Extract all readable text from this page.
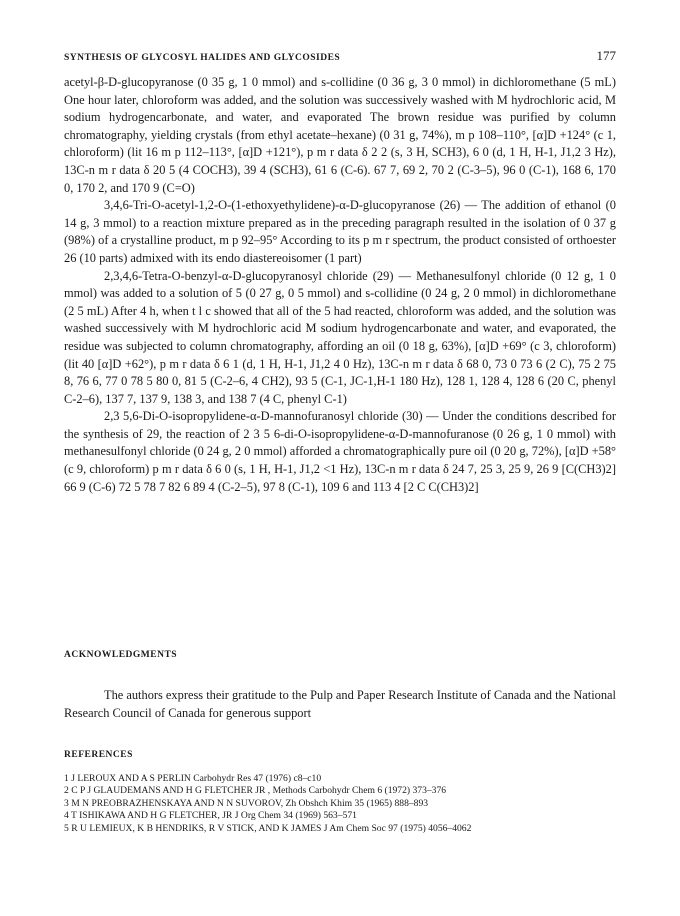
SYNTHESIS OF GLYCOSYL HALIDES AND GLYCOSIDES	177

acetyl-β-D-glucopyranose (0 35 g, 1 0 mmol) and s-collidine (0 36 g, 3 0 mmol) in dichloromethane (5 mL) One hour later, chloroform was added, and the solution was successively washed with M hydrochloric acid, M sodium hydrogencarbonate, and water, and evaporated The brown residue was purified by column chromatography, yielding crystals (from ethyl acetate–hexane) (0 31 g, 74%), m p 108–110°, [α]D +124° (c 1, chloroform) (lit 16 m p 112–113°, [α]D +121°), p m r data δ 2 2 (s, 3 H, SCH3), 6 0 (d, 1 H, H-1, J1,2 3 Hz), 13C-n m r data δ 20 5 (4 COCH3), 39 4 (SCH3), 61 6 (C-6). 67 7, 69 2, 70 2 (C-3–5), 96 0 (C-1), 168 6, 170 0, 170 2, and 170 9 (C=O)

3,4,6-Tri-O-acetyl-1,2-O-(1-ethoxyethylidene)-α-D-glucopyranose (26) — The addition of ethanol (0 14 g, 3 mmol) to a reaction mixture prepared as in the preceding paragraph resulted in the isolation of 0 37 g (98%) of a crystalline product, m p 92–95° According to its p m r spectrum, the product consisted of orthoester 26 (10 parts) admixed with its endo diastereoisomer (1 part)

2,3,4,6-Tetra-O-benzyl-α-D-glucopyranosyl chloride (29) — Methanesulfonyl chloride (0 12 g, 1 0 mmol) was added to a solution of 5 (0 27 g, 0 5 mmol) and s-collidine (0 24 g, 2 0 mmol) in dichloromethane (2 5 mL) After 4 h, when t l c showed that all of the 5 had reacted, chloroform was added, and the solution was washed successively with M hydrochloric acid M sodium hydrogencarbonate and water, and evaporated, the residue was subjected to column chromatography, affording an oil (0 18 g, 63%), [α]D +69° (c 3, chloroform) (lit 40 [α]D +62°), p m r data δ 6 1 (d, 1 H, H-1, J1,2 4 0 Hz), 13C-n m r data δ 68 0, 73 0 73 6 (2 C), 75 2 75 8, 76 6, 77 0 78 5 80 0, 81 5 (C-2–6, 4 CH2), 93 5 (C-1, JC-1,H-1 180 Hz), 128 1, 128 4, 128 6 (20 C, phenyl C-2–6), 137 7, 137 9, 138 3, and 138 7 (4 C, phenyl C-1)

2,3 5,6-Di-O-isopropylidene-α-D-mannofuranosyl chloride (30) — Under the conditions described for the synthesis of 29, the reaction of 2 3 5 6-di-O-isopropylidene-α-D-mannofuranose (0 26 g, 1 0 mmol) with methanesulfonyl chloride (0 24 g, 2 0 mmol) afforded a chromatographically pure oil (0 20 g, 72%), [α]D +58° (c 9, chloroform) p m r data δ 6 0 (s, 1 H, H-1, J1,2 <1 Hz), 13C-n m r data δ 24 7, 25 3, 25 9, 26 9 [C(CH3)2] 66 9 (C-6) 72 5 78 7 82 6 89 4 (C-2–5), 97 8 (C-1), 109 6 and 113 4 [2 C C(CH3)2]

ACKNOWLEDGMENTS

The authors express their gratitude to the Pulp and Paper Research Institute of Canada and the National Research Council of Canada for generous support

REFERENCES
1 J LEROUX AND A S PERLIN Carbohydr Res 47 (1976) c8–c10
2 C P J GLAUDEMANS AND H G FLETCHER JR , Methods Carbohydr Chem 6 (1972) 373–376
3 M N PREOBRAZHENSKAYA AND N N SUVOROV, Zh Obshch Khim 35 (1965) 888–893
4 T ISHIKAWA AND H G FLETCHER, JR J Org Chem 34 (1969) 563–571
5 R U LEMIEUX, K B HENDRIKS, R V STICK, AND K JAMES J Am Chem Soc 97 (1975) 4056–4062
